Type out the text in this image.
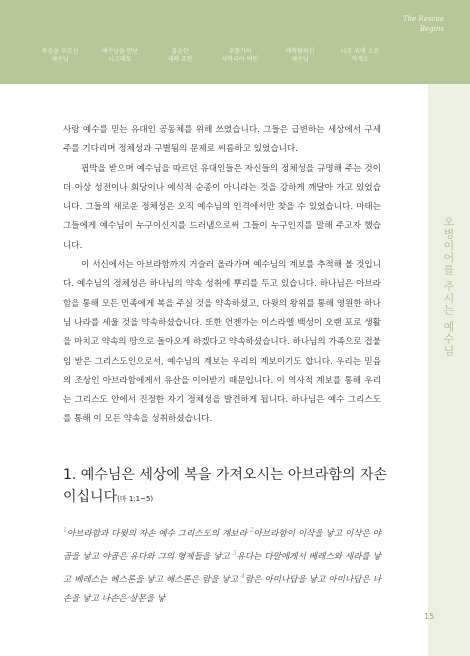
복음을 부르신
예수님
예수님을 만난
니고데모
겸손한
세례 요한
우물가의
사마리아 여인
배척당하신
예수님
나무 위에 오른
삭개오
The Rescue
Begins
오병이어를 주시는 예수님

사랑 예수를 믿는 유대인 공동체를 위해 쓰였습니다. 그들은 급변하는 세상에서 구세주를 기다리며 정체성과 구별됨의 문제로 씨름하고 있었습니다.

핍박을 받으며 예수님을 따르던 유대인들은 자신들의 정체성을 규명해 주는 것이 더 이상 성전이나 회당이나 예식적 순종이 아니라는 것을 강하게 깨달아 가고 있었습니다. 그들의 새로운 정체성은 오직 예수님의 인격에서만 찾을 수 있었습니다. 마태는 그들에게 예수님이 누구이신지를 드러냄으로써 그들이 누구인지를 말해 주고자 했습니다.

이 서신에서는 아브라함까지 거슬러 올라가며 예수님의 계보를 추적해 볼 것입니다. 예수님의 정체성은 하나님의 약속 성취에 뿌리를 두고 있습니다. 하나님은 아브라함을 통해 모든 민족에게 복을 주실 것을 약속하셨고, 다윗의 왕위를 통해 영원한 하나님 나라를 세울 것을 약속하셨습니다. 또한 언젠가는 이스라엘 백성이 오랜 포로 생활을 마치고 약속의 땅으로 돌아오게 하겠다고 약속하셨습니다. 하나님의 가족으로 접붙임 받은 그리스도인으로서, 예수님의 계보는 우리의 계보이기도 합니다. 우리는 믿음의 조상인 아브라함에게서 유산을 이어받기 때문입니다. 이 역사적 계보를 통해 우리는 그리스도 안에서 진정한 자기 정체성을 발견하게 됩니다. 하나님은 예수 그리스도를 통해 이 모든 약속을 성취하셨습니다.

1. 예수님은 세상에 복을 가져오시는 아브라함의 자손이십니다(마 1:1~5)
$^1$아브라함과 다윗의 자손 예수 그리스도의 계보라 $^2$아브라함이 이삭을 낳고 이삭은 야곱을 낳고 야곱은 유다와 그의 형제들을 낳고 $^3$유다는 다말에게서 베레스와 세라를 낳고 베레스는 헤스론을 낳고 헤스론은 람을 낳고 $^4$람은 아미나답을 낳고 아미나답은 나손을 낳고 나손은 살몬을 낳
15
